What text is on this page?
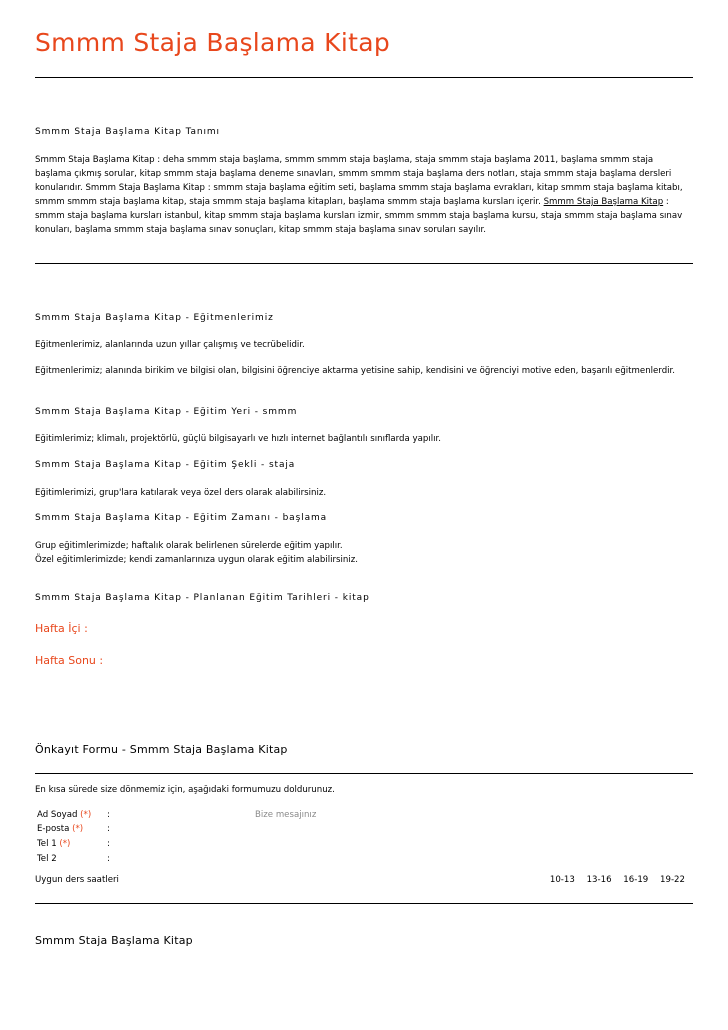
Smmm Staja Başlama Kitap
Smmm Staja Başlama Kitap Tanımı
Smmm Staja Başlama Kitap : deha smmm staja başlama, smmm smmm staja başlama, staja smmm staja başlama 2011, başlama smmm staja başlama çıkmış sorular, kitap smmm staja başlama deneme sınavları, smmm smmm staja başlama ders notları, staja smmm staja başlama dersleri konularıdır. Smmm Staja Başlama Kitap : smmm staja başlama eğitim seti, başlama smmm staja başlama evrakları, kitap smmm staja başlama kitabı, smmm smmm staja başlama kitap, staja smmm staja başlama kitapları, başlama smmm staja başlama kursları içerir. Smmm Staja Başlama Kitap : smmm staja başlama kursları istanbul, kitap smmm staja başlama kursları izmir, smmm smmm staja başlama kursu, staja smmm staja başlama sınav konuları, başlama smmm staja başlama sınav sonuçları, kitap smmm staja başlama sınav soruları sayılır.
Smmm Staja Başlama Kitap - Eğitmenlerimiz
Eğitmenlerimiz, alanlarında uzun yıllar çalışmış ve tecrübelidir.
Eğitmenlerimiz; alanında birikim ve bilgisi olan, bilgisini öğrenciye aktarma yetisine sahip, kendisini ve öğrenciyi motive eden, başarılı eğitmenlerdir.
Smmm Staja Başlama Kitap - Eğitim Yeri - smmm
Eğitimlerimiz; klimalı, projektörlü, güçlü bilgisayarlı ve hızlı internet bağlantılı sınıflarda yapılır.
Smmm Staja Başlama Kitap - Eğitim Şekli - staja
Eğitimlerimizi, grup'lara katılarak veya özel ders olarak alabilirsiniz.
Smmm Staja Başlama Kitap - Eğitim Zamanı - başlama
Grup eğitimlerimizde; haftalık olarak belirlenen sürelerde eğitim yapılır.
Özel eğitimlerimizde; kendi zamanlarınıza uygun olarak eğitim alabilirsiniz.
Smmm Staja Başlama Kitap - Planlanan Eğitim Tarihleri - kitap
Hafta İçi :
Hafta Sonu :
Önkayıt Formu - Smmm Staja Başlama Kitap
En kısa sürede size dönmemiz için, aşağıdaki formumuzu doldurunuz.
Ad Soyad (*) :
E-posta (*)	:
Tel 1 (*)	:
Tel 2	:
Bize mesajınız
Uygun ders saatleri	10-13 13-16 16-19 19-22
Smmm Staja Başlama Kitap
